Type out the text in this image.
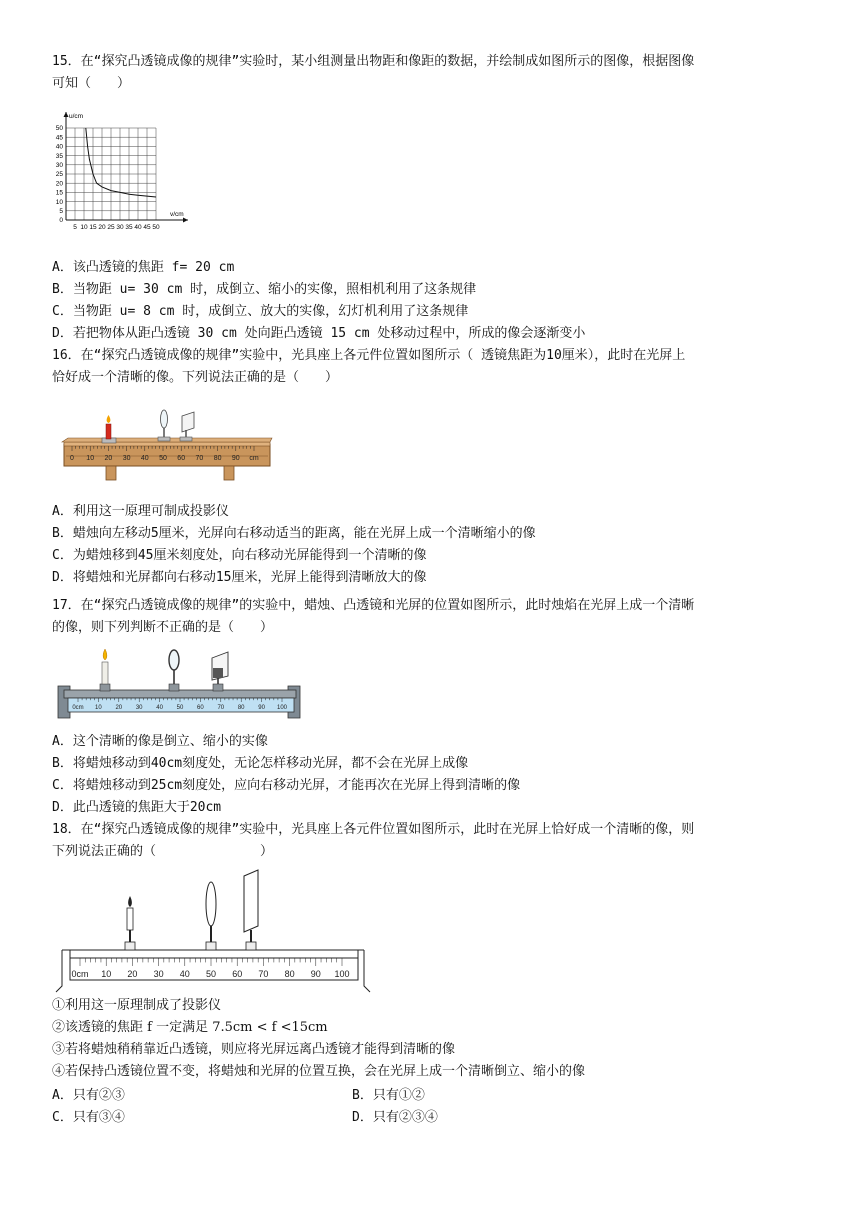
15．在“探究凸透镜成像的规律”实验时，某小组测量出物距和像距的数据，并绘制成如图所示的图像，根据图像
可知（　　）
u/cm
v/cm
50
45
40
35
30
25
20
15
10
5
0
5 10 15 20 25 30 35 40 45 50
A．该凸透镜的焦距 f= 20 cm
B．当物距 u= 30 cm 时，成倒立、缩小的实像，照相机利用了这条规律
C．当物距 u= 8 cm 时，成倒立、放大的实像，幻灯机利用了这条规律
D．若把物体从距凸透镜 30 cm 处向距凸透镜 15 cm 处移动过程中，所成的像会逐渐变小
16．在“探究凸透镜成像的规律”实验中，光具座上各元件位置如图所示（ 透镜焦距为10厘米），此时在光屏上
恰好成一个清晰的像。下列说法正确的是（　　）
0 10 20 30 40 50 60 70 80 90 cm
A．利用这一原理可制成投影仪
B．蜡烛向左移动5厘米，光屏向右移动适当的距离，能在光屏上成一个清晰缩小的像
C．为蜡烛移到45厘米刻度处，向右移动光屏能得到一个清晰的像
D．将蜡烛和光屏都向右移动15厘米，光屏上能得到清晰放大的像
17．在“探究凸透镜成像的规律”的实验中，蜡烛、凸透镜和光屏的位置如图所示，此时烛焰在光屏上成一个清晰
的像，则下列判断不正确的是（　　）
0cm 10 20 30 40 50 60 70 80 90 100
A．这个清晰的像是倒立、缩小的实像
B．将蜡烛移动到40cm刻度处，无论怎样移动光屏，都不会在光屏上成像
C．将蜡烛移动到25cm刻度处，应向右移动光屏，才能再次在光屏上得到清晰的像
D．此凸透镜的焦距大于20cm
18．在“探究凸透镜成像的规律”实验中，光具座上各元件位置如图所示，此时在光屏上恰好成一个清晰的像，则
下列说法正确的（　　　　　　　　）
0cm 10 20 30 40 50 60 70 80 90 100
①利用这一原理制成了投影仪
②该透镜的焦距 f 一定满足 7.5cm < f <15cm
③若将蜡烛稍稍靠近凸透镜，则应将光屏远离凸透镜才能得到清晰的像
④若保持凸透镜位置不变，将蜡烛和光屏的位置互换，会在光屏上成一个清晰倒立、缩小的像
A．只有②③	B．只有①②
C．只有③④	D．只有②③④
